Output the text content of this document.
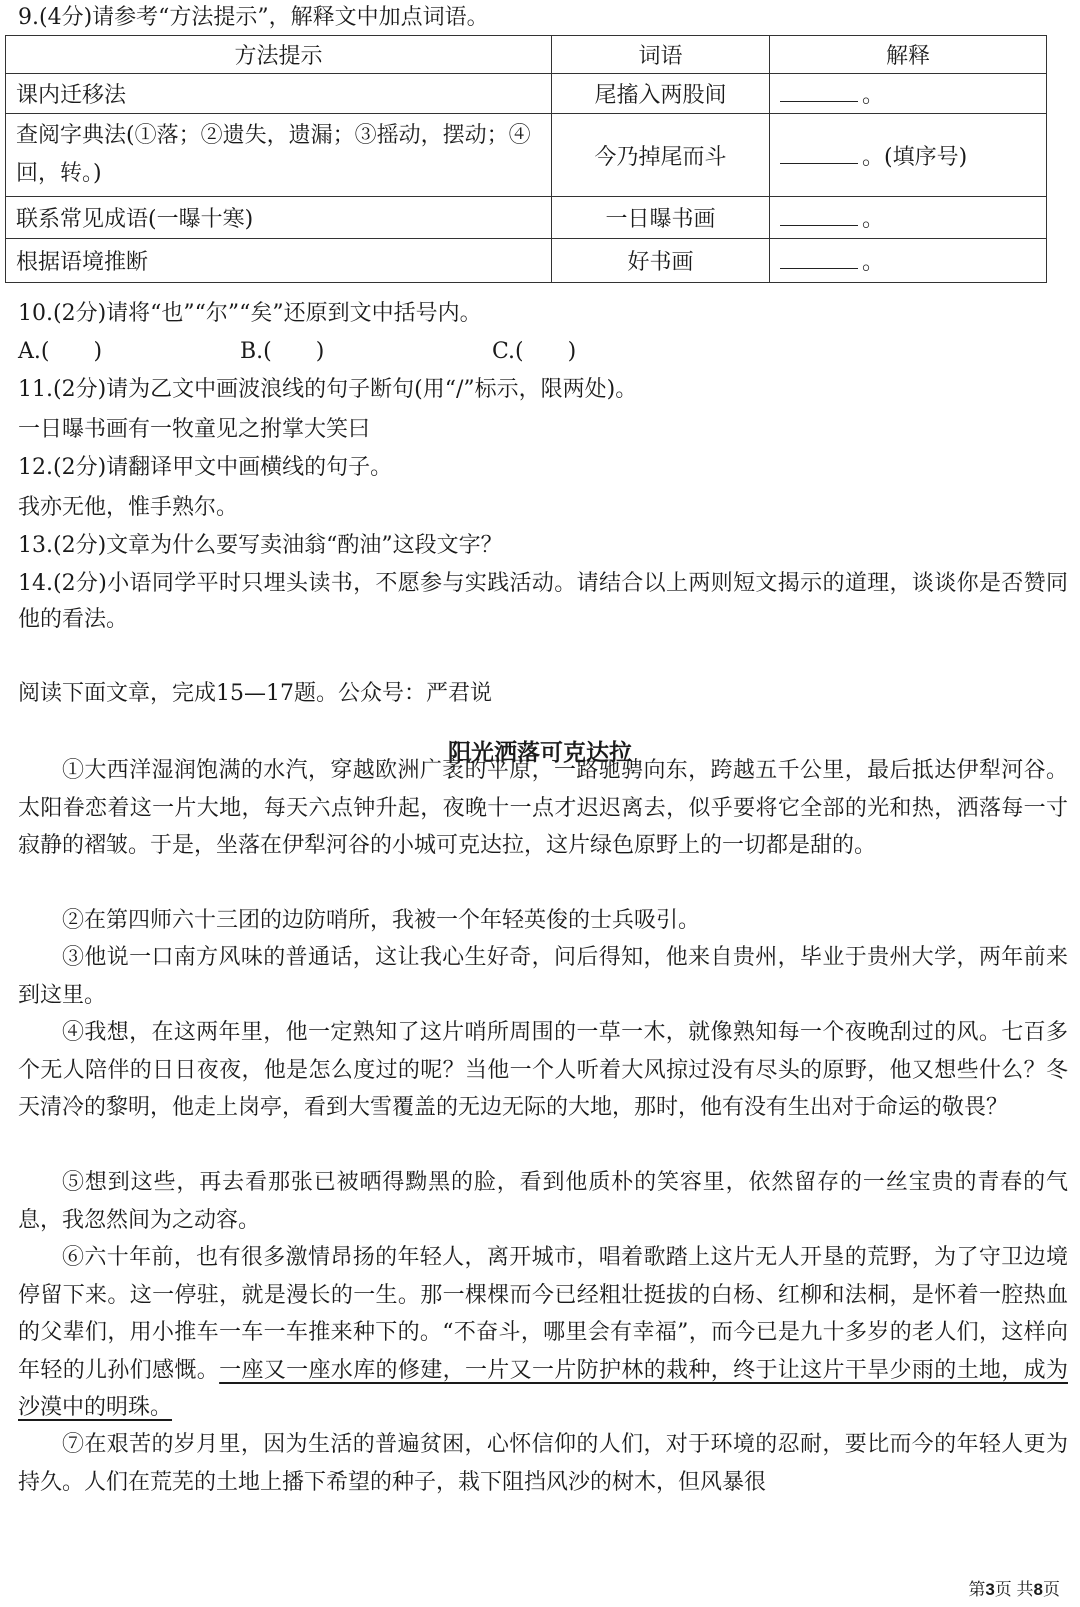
9.(4分)请参考“方法提示”，解释文中加点词语。
方法提示	词语	解释
课内迁移法	尾搐入两股间	。
查阅字典法(①落；②遗失，遗漏；③摇动，摆动；④回，转。)	今乃掉尾而斗	。(填序号)
联系常见成语(一曝十寒)	一日曝书画	。
根据语境推断	好书画	。
10.(2分)请将“也”“尔”“矣”还原到文中括号内。
A.(　　)	B.(　　)	C.(　　)
11.(2分)请为乙文中画波浪线的句子断句(用“/”标示，限两处)。
一日曝书画有一牧童见之拊掌大笑曰
12.(2分)请翻译甲文中画横线的句子。
我亦无他，惟手熟尔。
13.(2分)文章为什么要写卖油翁“酌油”这段文字？
14.(2分)小语同学平时只埋头读书，不愿参与实践活动。请结合以上两则短文揭示的道理，谈谈你是否赞同他的看法。
阅读下面文章，完成15—17题。公众号：严君说
阳光洒落可克达拉
①大西洋湿润饱满的水汽，穿越欧洲广袤的平原，一路驰骋向东，跨越五千公里，最后抵达伊犁河谷。太阳眷恋着这一片大地，每天六点钟升起，夜晚十一点才迟迟离去，似乎要将它全部的光和热，洒落每一寸寂静的褶皱。于是，坐落在伊犁河谷的小城可克达拉，这片绿色原野上的一切都是甜的。
②在第四师六十三团的边防哨所，我被一个年轻英俊的士兵吸引。
③他说一口南方风味的普通话，这让我心生好奇，问后得知，他来自贵州，毕业于贵州大学，两年前来到这里。
④我想，在这两年里，他一定熟知了这片哨所周围的一草一木，就像熟知每一个夜晚刮过的风。七百多个无人陪伴的日日夜夜，他是怎么度过的呢？当他一个人听着大风掠过没有尽头的原野，他又想些什么？冬天清冷的黎明，他走上岗亭，看到大雪覆盖的无边无际的大地，那时，他有没有生出对于命运的敬畏？
⑤想到这些，再去看那张已被晒得黝黑的脸，看到他质朴的笑容里，依然留存的一丝宝贵的青春的气息，我忽然间为之动容。
⑥六十年前，也有很多激情昂扬的年轻人，离开城市，唱着歌踏上这片无人开垦的荒野，为了守卫边境停留下来。这一停驻，就是漫长的一生。那一棵棵而今已经粗壮挺拔的白杨、红柳和法桐，是怀着一腔热血的父辈们，用小推车一车一车推来种下的。“不奋斗，哪里会有幸福”，而今已是九十多岁的老人们，这样向年轻的儿孙们感慨。一座又一座水库的修建，一片又一片防护林的栽种，终于让这片干旱少雨的土地，成为沙漠中的明珠。
⑦在艰苦的岁月里，因为生活的普遍贫困，心怀信仰的人们，对于环境的忍耐，要比而今的年轻人更为持久。人们在荒芜的土地上播下希望的种子，栽下阻挡风沙的树木，但风暴很
第3页 共8页
